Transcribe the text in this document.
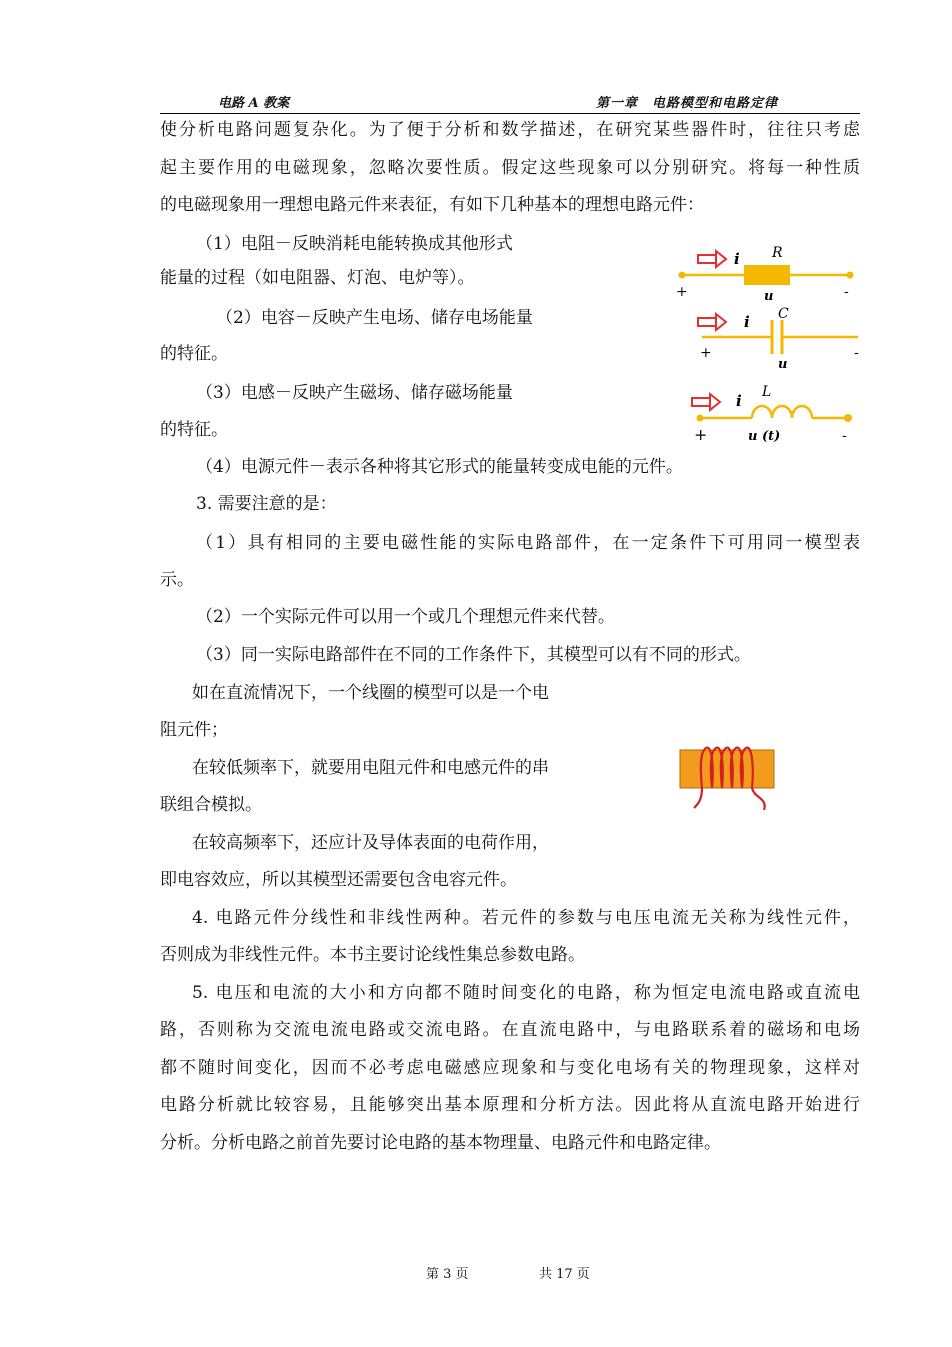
电路 A 教案	第一章　电路模型和电路定律
使分析电路问题复杂化。为了便于分析和数学描述，在研究某些器件时，往往只考虑
起主要作用的电磁现象，忽略次要性质。假定这些现象可以分别研究。将每一种性质
的电磁现象用一理想电路元件来表征，有如下几种基本的理想电路元件：
（1）电阻－反映消耗电能转换成其他形式
能量的过程（如电阻器、灯泡、电炉等）。
（2）电容－反映产生电场、储存电场能量
的特征。
（3）电感－反映产生磁场、储存磁场能量
的特征。
（4）电源元件－表示各种将其它形式的能量转变成电能的元件。
3. 需要注意的是：
（1）具有相同的主要电磁性能的实际电路部件，在一定条件下可用同一模型表
示。
（2）一个实际元件可以用一个或几个理想元件来代替。
（3）同一实际电路部件在不同的工作条件下，其模型可以有不同的形式。
如在直流情况下，一个线圈的模型可以是一个电
阻元件；
在较低频率下，就要用电阻元件和电感元件的串
联组合模拟。
在较高频率下，还应计及导体表面的电荷作用，
即电容效应，所以其模型还需要包含电容元件。
4. 电路元件分线性和非线性两种。若元件的参数与电压电流无关称为线性元件，
否则成为非线性元件。本书主要讨论线性集总参数电路。
5. 电压和电流的大小和方向都不随时间变化的电路，称为恒定电流电路或直流电
路，否则称为交流电流电路或交流电路。在直流电路中，与电路联系着的磁场和电场
都不随时间变化，因而不必考虑电磁感应现象和与变化电场有关的物理现象，这样对
电路分析就比较容易，且能够突出基本原理和分析方法。因此将从直流电路开始进行
分析。分析电路之前首先要讨论电路的基本物理量、电路元件和电路定律。
i R
+	u	-
i C
+
u
-
i L
+	u (t)	-
第 3 页	共 17 页
